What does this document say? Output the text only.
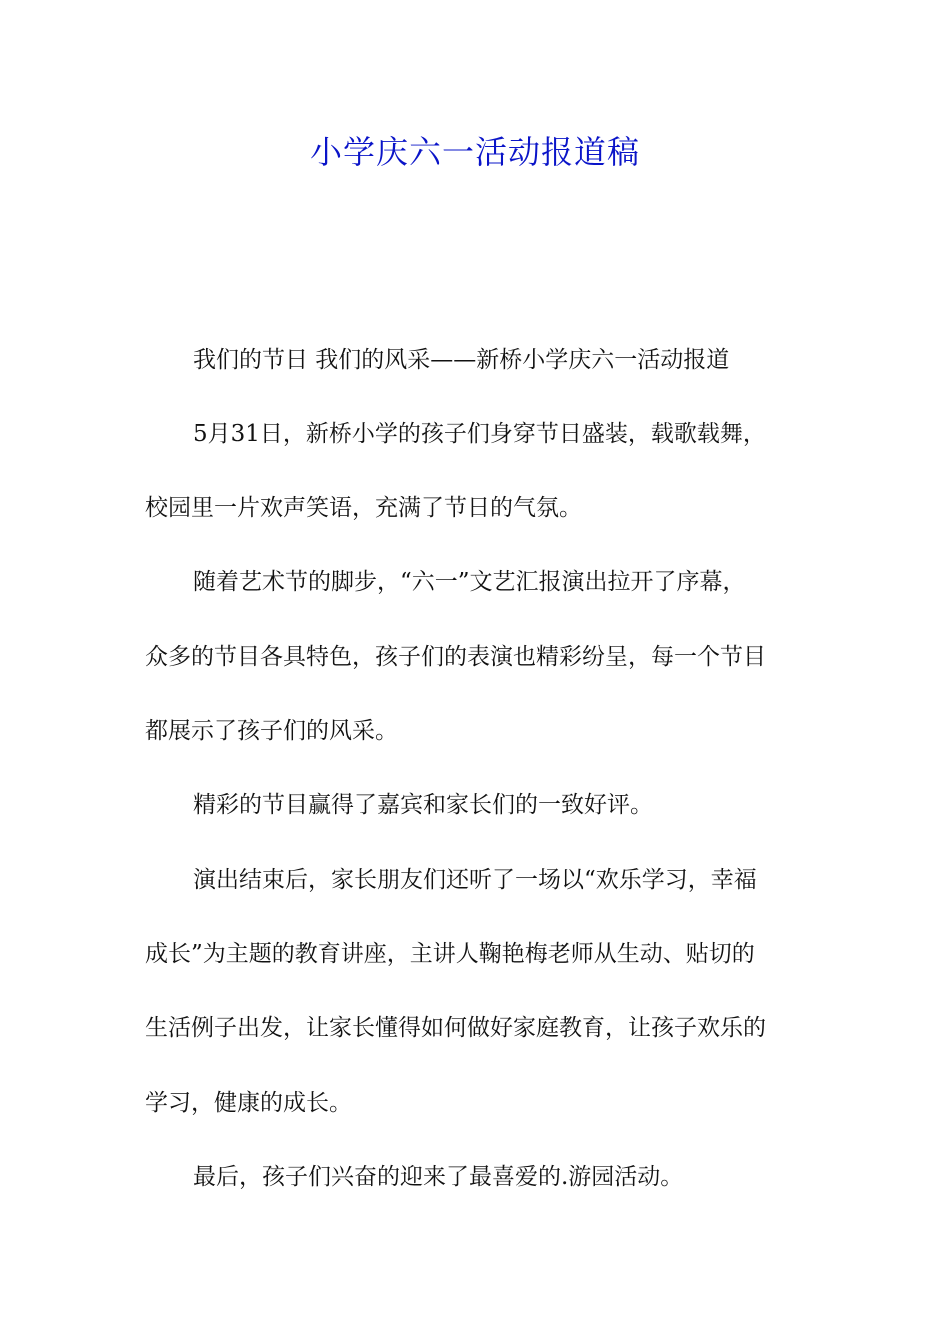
小学庆六一活动报道稿

我们的节日 我们的风采——新桥小学庆六一活动报道

5月31日，新桥小学的孩子们身穿节日盛装，载歌载舞，

校园里一片欢声笑语，充满了节日的气氛。

随着艺术节的脚步，“六一”文艺汇报演出拉开了序幕，

众多的节目各具特色，孩子们的表演也精彩纷呈，每一个节目

都展示了孩子们的风采。

精彩的节目赢得了嘉宾和家长们的一致好评。

演出结束后，家长朋友们还听了一场以“欢乐学习，幸福

成长”为主题的教育讲座，主讲人鞠艳梅老师从生动、贴切的

生活例子出发，让家长懂得如何做好家庭教育，让孩子欢乐的

学习，健康的成长。

最后，孩子们兴奋的迎来了最喜爱的.游园活动。
